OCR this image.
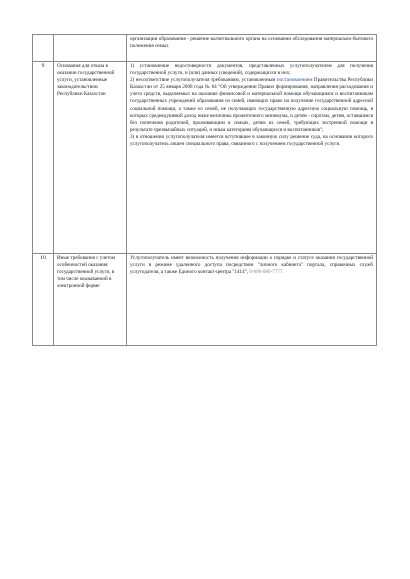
		организации образования - решение коллегиального органа на основании обследования материально-бытового положения семьи.
9	Основания для отказа в оказании государственной услуги, установленные законодательством Республики Казахстан	1) установление недостоверности документов, представленных услугополучателем для получения государственной услуги, и (или) данных (сведений), содержащихся в них;
2) несоответствие услугополучателя требованиям, установленным постановлением Правительства Республики Казахстан от 25 января 2008 года № 64 "Об утверждении Правил формирования, направления расходования и учета средств, выделяемых на оказание финансовой и материальной помощи обучающимся и воспитанникам государственных учреждений образования из семей, имеющих право на получение государственной адресной социальной помощи, а также из семей, не получающих государственную адресную социальную помощь, в которых среднедушевой доход ниже величины прожиточного минимума, и детям - сиротам, детям, оставшимся без попечения родителей, проживающим в семьях, детям из семей, требующих экстренной помощи в результате чрезвычайных ситуаций, и иным категориям обучающихся и воспитанников";
3) в отношении услугополучателя имеется вступившее в законную силу решение суда, на основании которого услугополучатель лишен специального права, связанного с получением государственной услуги.

10	Иные требования с учетом особенностей оказания государственной услуги, в том числе оказываемой в электронной форме	Услугополучатель имеет возможность получения информации о порядке и статусе оказания государственной услуги в режиме удаленного доступа посредством "личного кабинета" портала, справочных служб услугодателя, а также Единого контакт-центра "1414", 8-800-080-7777.
